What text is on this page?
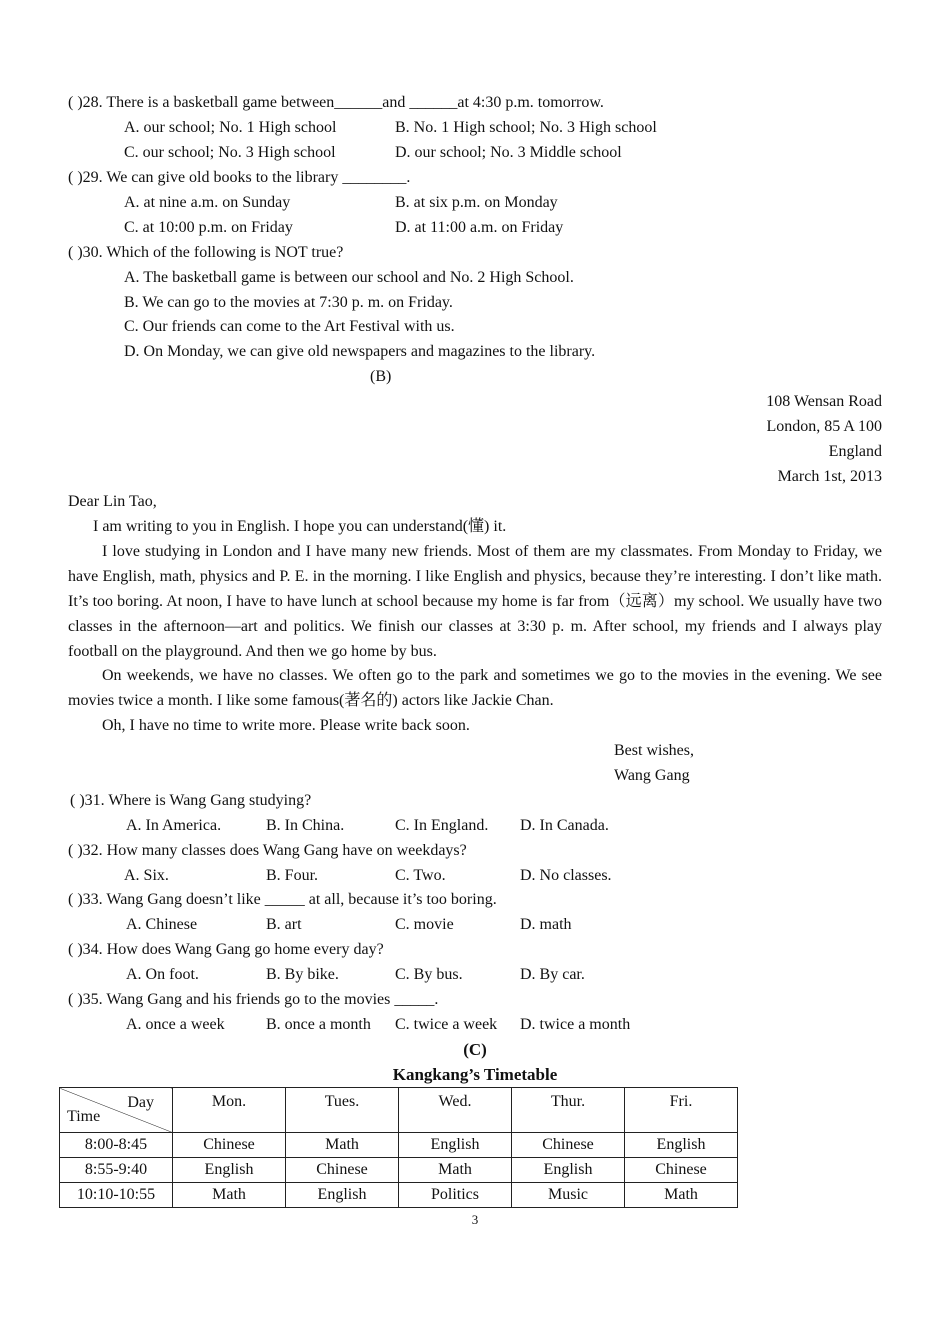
( )28. There is a basketball game between______and ______at 4:30 p.m. tomorrow.
A. our school; No. 1 High school	B. No. 1 High school; No. 3 High school
C. our school; No. 3 High school	D. our school; No. 3 Middle school
( )29. We can give old books to the library ________.
A. at nine a.m. on Sunday	B. at six p.m. on Monday
C. at 10:00 p.m. on Friday	D. at 11:00 a.m. on Friday
( )30. Which of the following is NOT true?
A. The basketball game is between our school and No. 2 High School.
B. We can go to the movies at 7:30 p. m. on Friday.
C. Our friends can come to the Art Festival with us.
D. On Monday, we can give old newspapers and magazines to the library.
(B)
108 Wensan Road
London, 85 A 100
England
March 1st, 2013
Dear Lin Tao,
I am writing to you in English. I hope you can understand(懂) it.
I love studying in London and I have many new friends. Most of them are my classmates. From Monday to Friday, we have English, math, physics and P. E. in the morning. I like English and physics, because they’re interesting. I don’t like math. It’s too boring. At noon, I have to have lunch at school because my home is far from（远离）my school. We usually have two classes in the afternoon—art and politics. We finish our classes at 3:30 p. m. After school, my friends and I always play football on the playground. And then we go home by bus.
On weekends, we have no classes. We often go to the park and sometimes we go to the movies in the evening. We see movies twice a month. I like some famous(著名的) actors like Jackie Chan.
Oh, I have no time to write more. Please write back soon.
Best wishes,
Wang Gang
( )31. Where is Wang Gang studying?
A. In America.	B. In China.	C. In England. D. In Canada.
( )32. How many classes does Wang Gang have on weekdays?
A. Six.	B. Four.	C. Two.	D. No classes.
( )33. Wang Gang doesn’t like _____ at all, because it’s too boring.
A. Chinese	B. art	C. movie	D. math
( )34. How does Wang Gang go home every day?
A. On foot.	B. By bike.	C. By bus.	D. By car.
( )35. Wang Gang and his friends go to the movies _____.
A. once a week	B. once a month C. twice a week D. twice a month
(C)
Kangkang’s Timetable
Day
Time	Mon.	Tues.	Wed.	Thur.	Fri.
8:00-8:45	Chinese	Math	English	Chinese	English
8:55-9:40	English	Chinese	Math	English	Chinese
10:10-10:55	Math	English	Politics	Music	Math
3
